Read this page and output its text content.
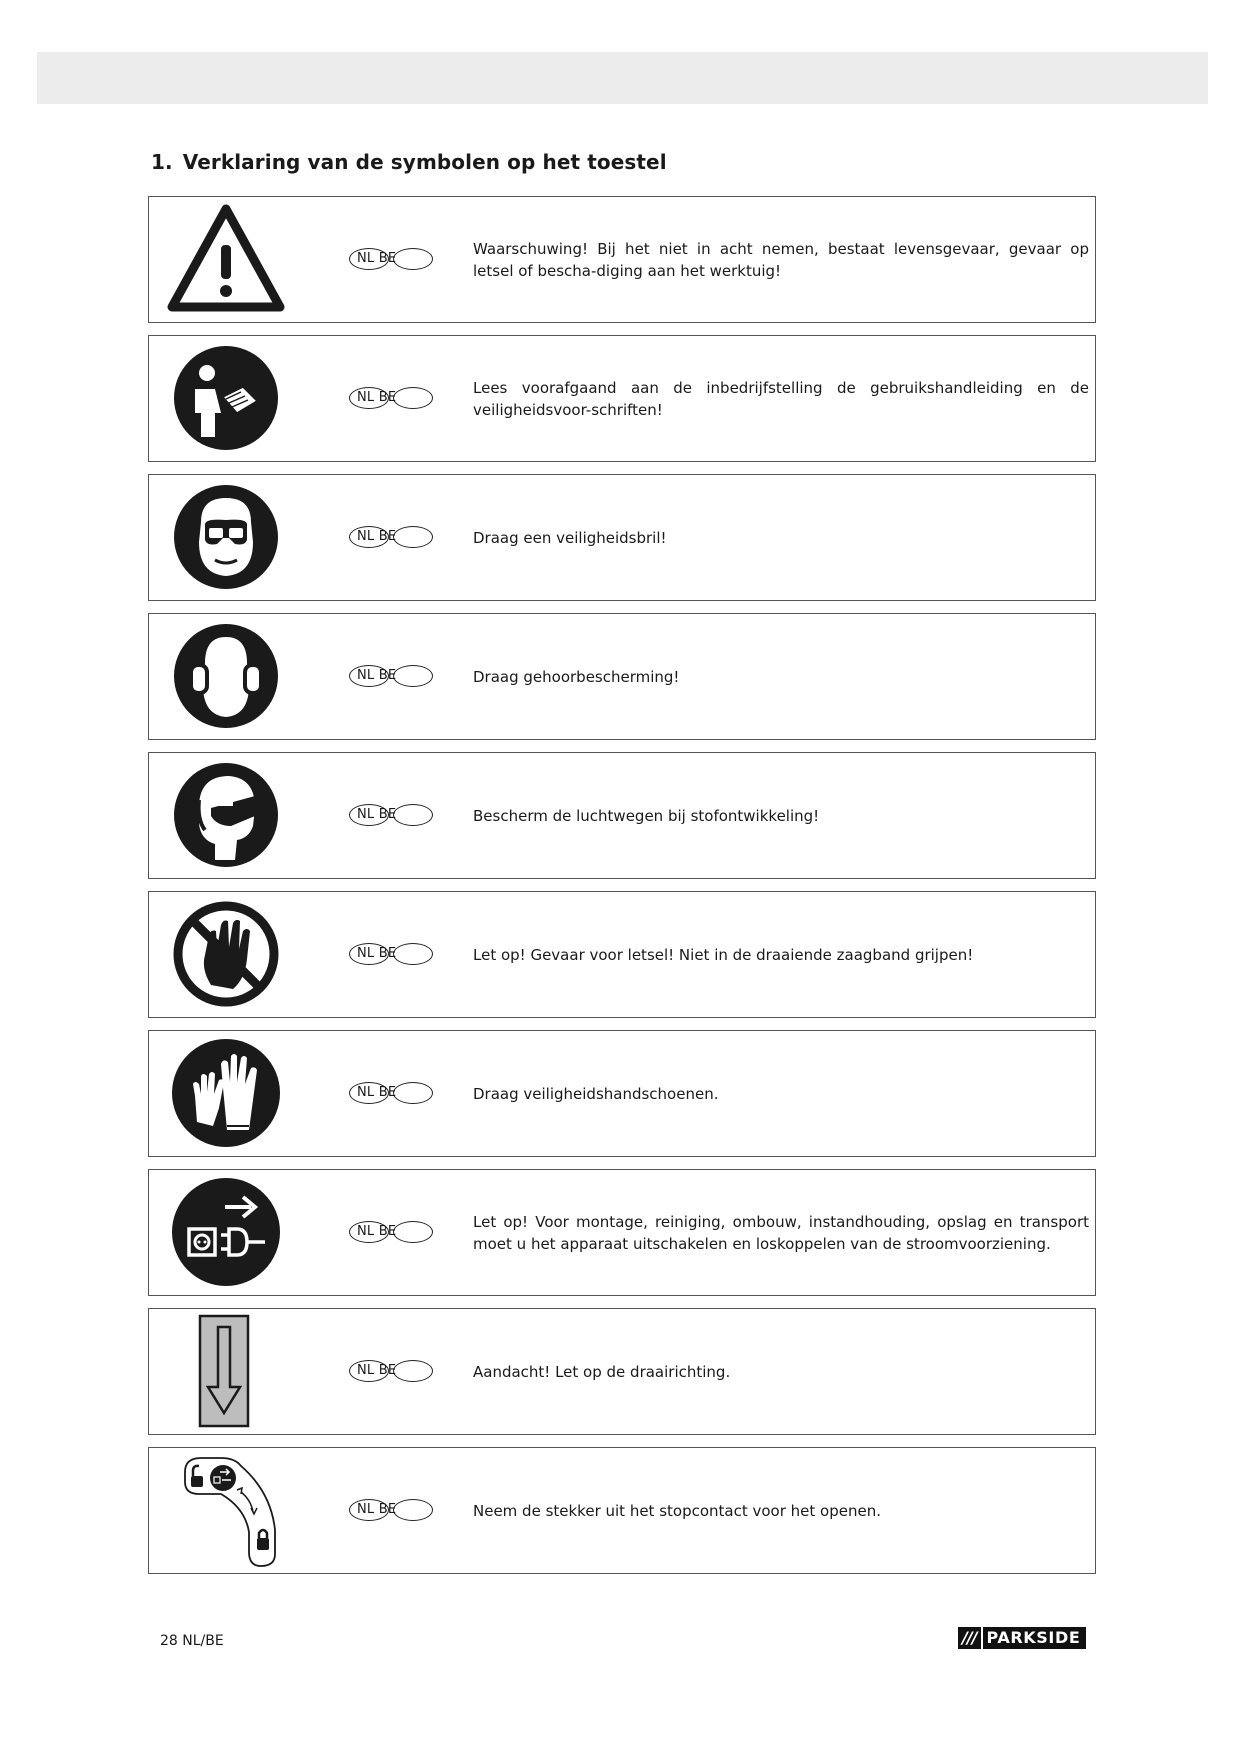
1. Verklaring van de symbolen op het toestel
NL BE
Waarschuwing! Bij het niet in acht nemen, bestaat levensgevaar, gevaar op letsel of bescha-diging aan het werktuig!
NL BE
Lees voorafgaand aan de inbedrijfstelling de gebruikshandleiding en de veiligheidsvoor-schriften!
NL BE	Draag een veiligheidsbril!
NL BE	Draag gehoorbescherming!
NL BE	Bescherm de luchtwegen bij stofontwikkeling!
NL BE	Let op! Gevaar voor letsel! Niet in de draaiende zaagband grijpen!
NL BE	Draag veiligheidshandschoenen.
NL BE
Let op! Voor montage, reiniging, ombouw, instandhouding, opslag en transport moet u het apparaat uitschakelen en loskoppelen van de stroomvoorziening.
NL BE	Aandacht! Let op de draairichting.
NL BE	Neem de stekker uit het stopcontact voor het openen.
28 NL/BE	/// PARKSIDE
